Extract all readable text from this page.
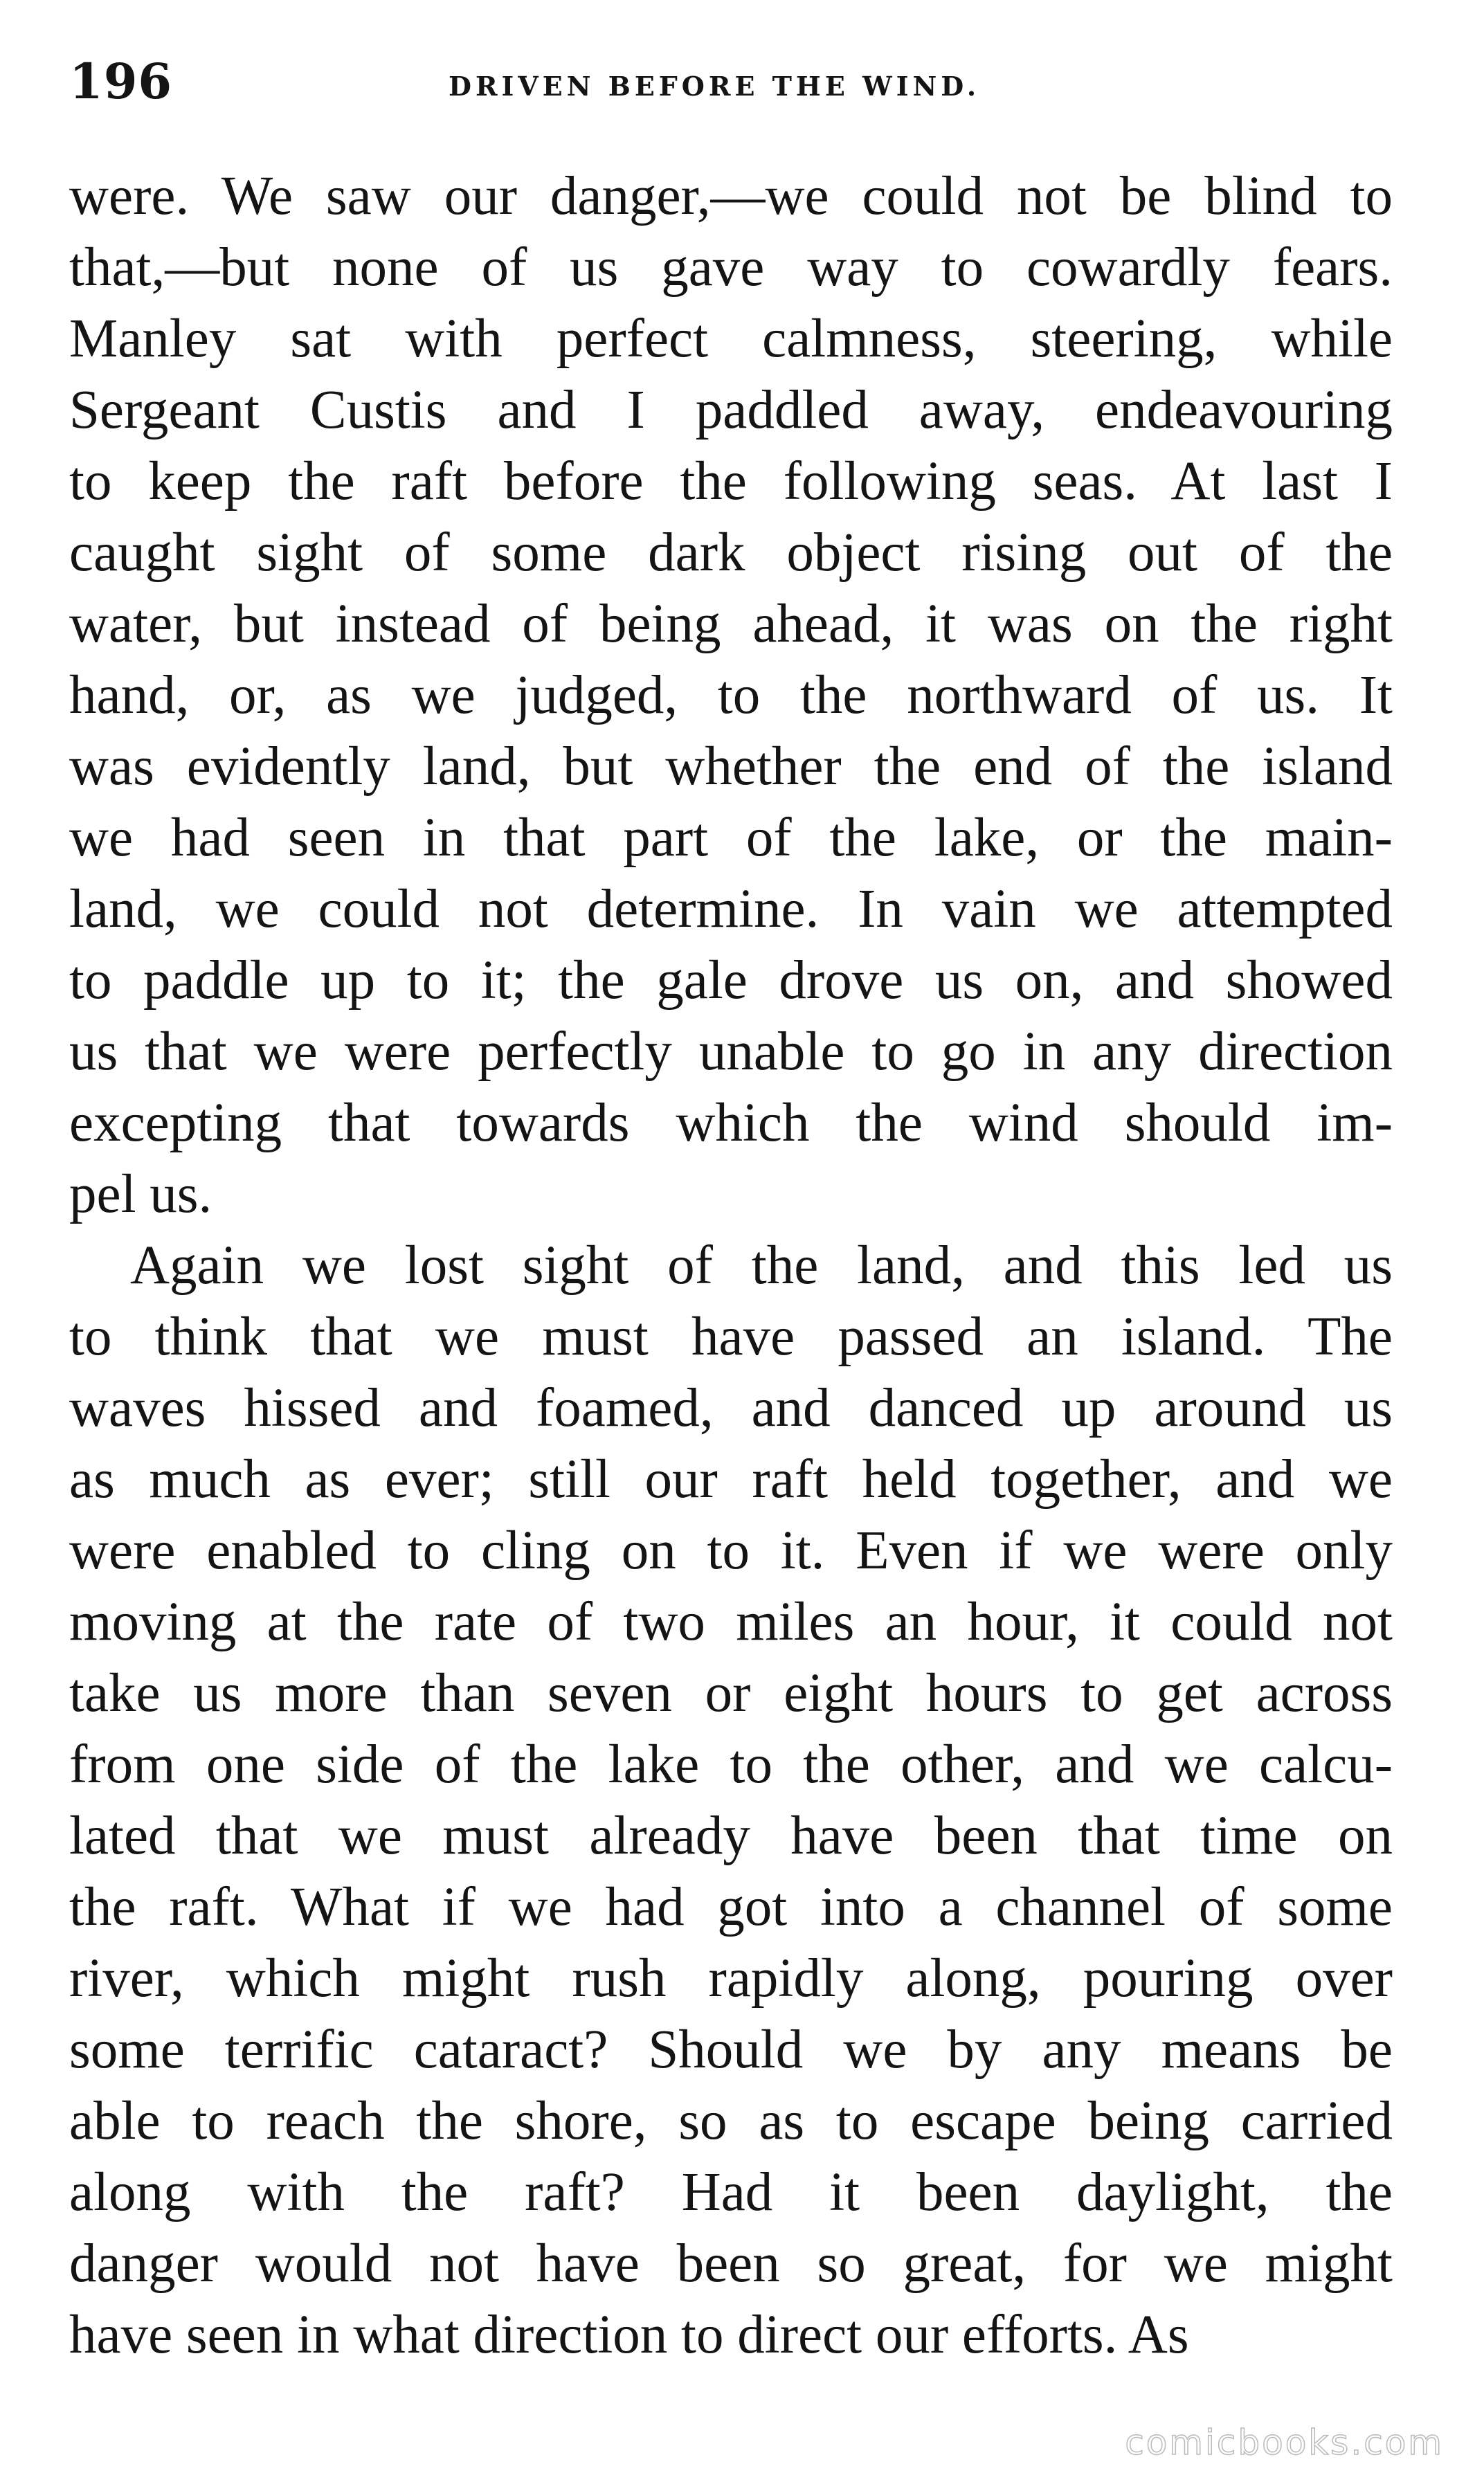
196	DRIVEN BEFORE THE WIND.
were. We saw our danger,—we could not be blind to
that,—but none of us gave way to cowardly fears.
Manley sat with perfect calmness, steering, while
Sergeant Custis and I paddled away, endeavouring
to keep the raft before the following seas. At last I
caught sight of some dark object rising out of the
water, but instead of being ahead, it was on the right
hand, or, as we judged, to the northward of us. It
was evidently land, but whether the end of the island
we had seen in that part of the lake, or the main-
land, we could not determine. In vain we attempted
to paddle up to it; the gale drove us on, and showed
us that we were perfectly unable to go in any direction
excepting that towards which the wind should im-
pel us.
Again we lost sight of the land, and this led us
to think that we must have passed an island. The
waves hissed and foamed, and danced up around us
as much as ever; still our raft held together, and we
were enabled to cling on to it. Even if we were only
moving at the rate of two miles an hour, it could not
take us more than seven or eight hours to get across
from one side of the lake to the other, and we calcu-
lated that we must already have been that time on
the raft. What if we had got into a channel of some
river, which might rush rapidly along, pouring over
some terrific cataract? Should we by any means be
able to reach the shore, so as to escape being carried
along with the raft? Had it been daylight, the
danger would not have been so great, for we might
have seen in what direction to direct our efforts. As
comicbooks.com
